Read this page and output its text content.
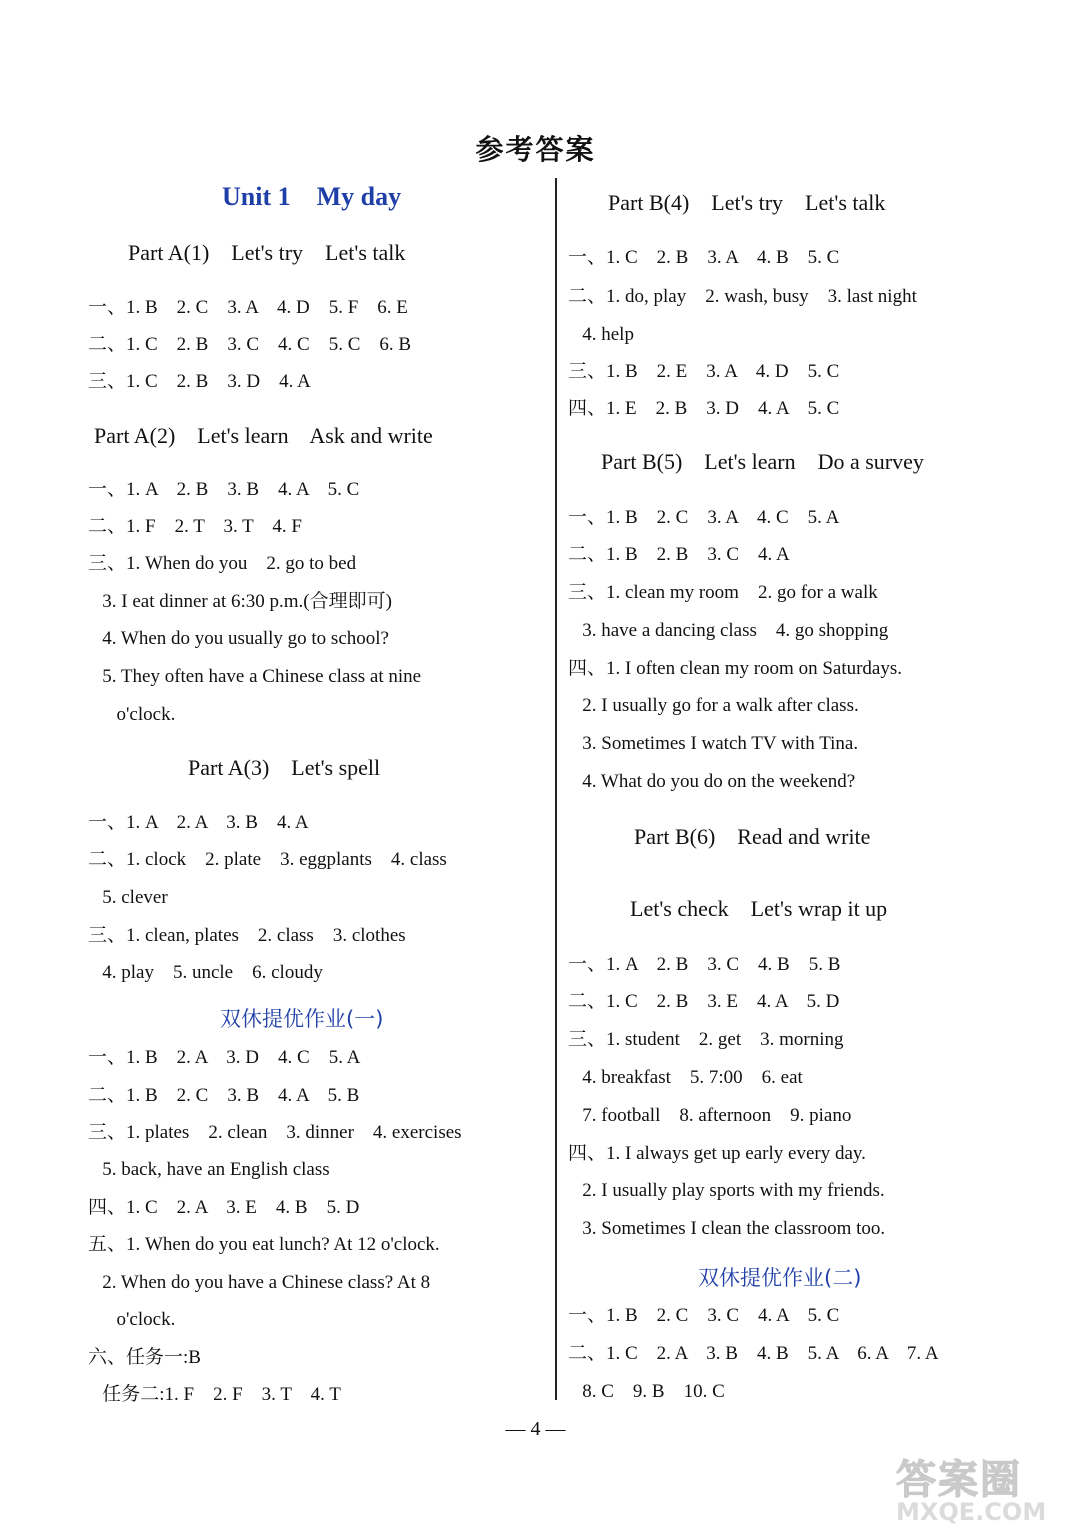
参考答案
Unit 1    My day
Part A(1)    Let's try    Let's talk
一、1. B    2. C    3. A    4. D    5. F    6. E
二、1. C    2. B    3. C    4. C    5. C    6. B
三、1. C    2. B    3. D    4. A
Part A(2)    Let's learn    Ask and write
一、1. A    2. B    3. B    4. A    5. C
二、1. F    2. T    3. T    4. F
三、1. When do you    2. go to bed
3. I eat dinner at 6:30 p.m.(合理即可)
4. When do you usually go to school?
5. They often have a Chinese class at nine
o'clock.
Part A(3)    Let's spell
一、1. A    2. A    3. B    4. A
二、1. clock    2. plate    3. eggplants    4. class
5. clever
三、1. clean, plates    2. class    3. clothes
4. play    5. uncle    6. cloudy
双休提优作业(一)
一、1. B    2. A    3. D    4. C    5. A
二、1. B    2. C    3. B    4. A    5. B
三、1. plates    2. clean    3. dinner    4. exercises
5. back, have an English class
四、1. C    2. A    3. E    4. B    5. D
五、1. When do you eat lunch? At 12 o'clock.
2. When do you have a Chinese class? At 8
o'clock.
六、任务一:B
任务二:1. F    2. F    3. T    4. T
Part B(4)    Let's try    Let's talk
一、1. C    2. B    3. A    4. B    5. C
二、1. do, play    2. wash, busy    3. last night
4. help
三、1. B    2. E    3. A    4. D    5. C
四、1. E    2. B    3. D    4. A    5. C
Part B(5)    Let's learn    Do a survey
一、1. B    2. C    3. A    4. C    5. A
二、1. B    2. B    3. C    4. A
三、1. clean my room    2. go for a walk
3. have a dancing class    4. go shopping
四、1. I often clean my room on Saturdays.
2. I usually go for a walk after class.
3. Sometimes I watch TV with Tina.
4. What do you do on the weekend?
Part B(6)    Read and write
Let's check    Let's wrap it up
一、1. A    2. B    3. C    4. B    5. B
二、1. C    2. B    3. E    4. A    5. D
三、1. student    2. get    3. morning
4. breakfast    5. 7:00    6. eat
7. football    8. afternoon    9. piano
四、1. I always get up early every day.
2. I usually play sports with my friends.
3. Sometimes I clean the classroom too.
双休提优作业(二)
一、1. B    2. C    3. C    4. A    5. C
二、1. C    2. A    3. B    4. B    5. A    6. A    7. A
8. C    9. B    10. C
— 4 —
答案圈
MXQE.COM
